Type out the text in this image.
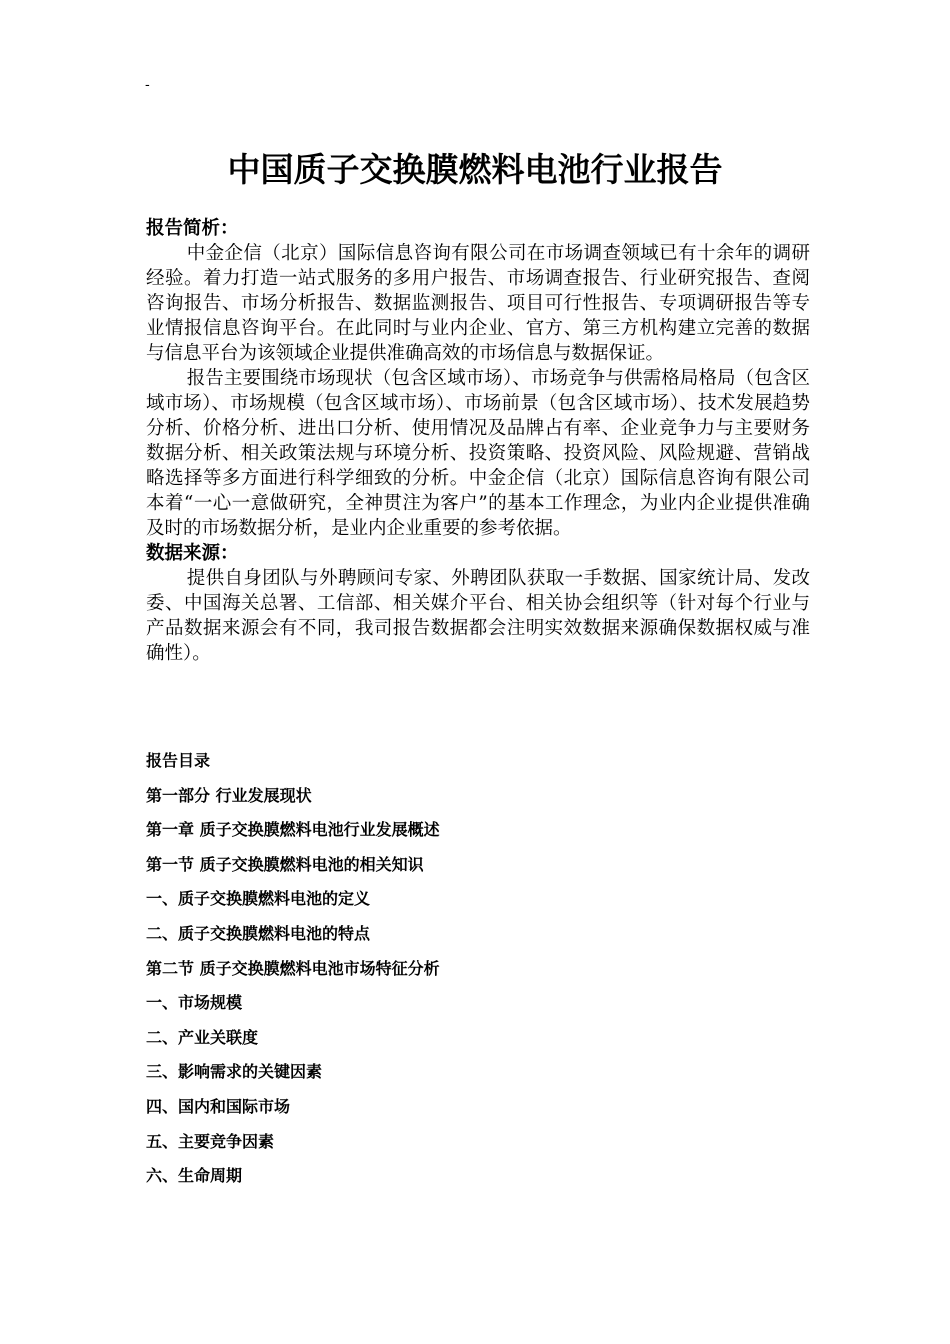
-
中国质子交换膜燃料电池行业报告

报告简析：

中金企信（北京）国际信息咨询有限公司在市场调查领域已有十余年的调研经验。着力打造一站式服务的多用户报告、市场调查报告、行业研究报告、查阅咨询报告、市场分析报告、数据监测报告、项目可行性报告、专项调研报告等专业情报信息咨询平台。在此同时与业内企业、官方、第三方机构建立完善的数据与信息平台为该领域企业提供准确高效的市场信息与数据保证。

报告主要围绕市场现状（包含区域市场）、市场竞争与供需格局格局（包含区域市场）、市场规模（包含区域市场）、市场前景（包含区域市场）、技术发展趋势分析、价格分析、进出口分析、使用情况及品牌占有率、企业竞争力与主要财务数据分析、相关政策法规与环境分析、投资策略、投资风险、风险规避、营销战略选择等多方面进行科学细致的分析。中金企信（北京）国际信息咨询有限公司本着“一心一意做研究，全神贯注为客户”的基本工作理念，为业内企业提供准确及时的市场数据分析，是业内企业重要的参考依据。

数据来源：

提供自身团队与外聘顾问专家、外聘团队获取一手数据、国家统计局、发改委、中国海关总署、工信部、相关媒介平台、相关协会组织等（针对每个行业与产品数据来源会有不同，我司报告数据都会注明实效数据来源确保数据权威与准确性）。

报告目录
第一部分 行业发展现状
第一章 质子交换膜燃料电池行业发展概述
第一节 质子交换膜燃料电池的相关知识
一、质子交换膜燃料电池的定义
二、质子交换膜燃料电池的特点
第二节 质子交换膜燃料电池市场特征分析
一、市场规模
二、产业关联度
三、影响需求的关键因素
四、国内和国际市场
五、主要竞争因素
六、生命周期
